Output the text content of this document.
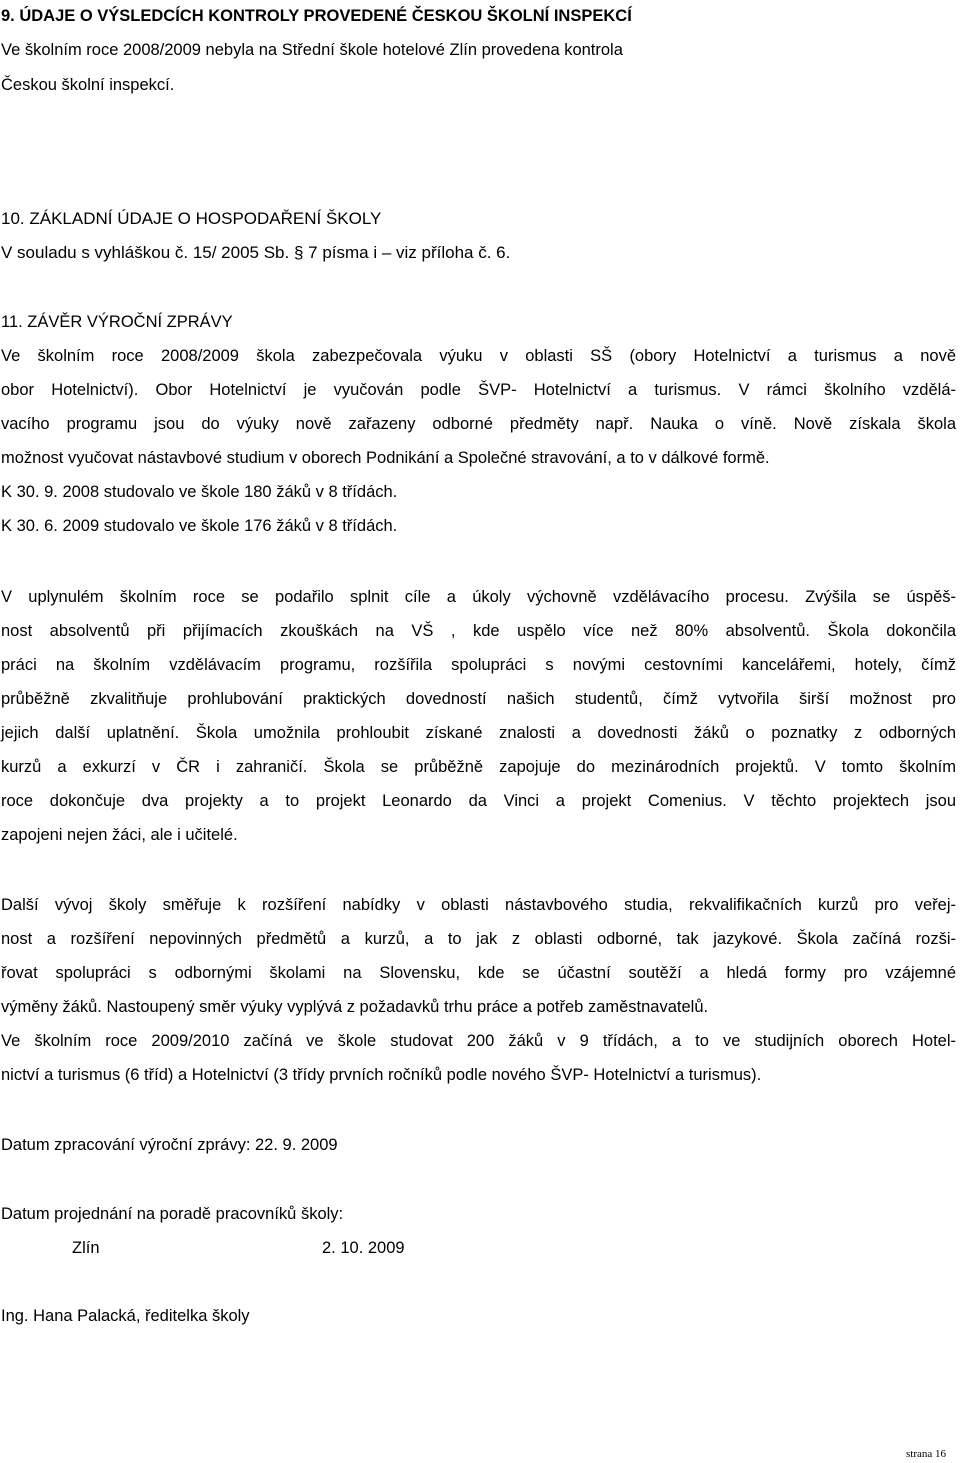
9. ÚDAJE O VÝSLEDCÍCH KONTROLY PROVEDENÉ ČESKOU ŠKOLNÍ INSPEKCÍ
Ve školním roce 2008/2009 nebyla na Střední škole hotelové Zlín provedena kontrola
Českou školní inspekcí.
10. ZÁKLADNÍ ÚDAJE O HOSPODAŘENÍ ŠKOLY
V souladu s vyhláškou č. 15/ 2005 Sb. § 7 písma i – viz příloha č. 6.
11. ZÁVĚR VÝROČNÍ ZPRÁVY
Ve školním roce 2008/2009 škola zabezpečovala výuku v oblasti SŠ (obory Hotelnictví a turismus a nově
obor Hotelnictví). Obor Hotelnictví je vyučován podle ŠVP- Hotelnictví a turismus. V rámci školního vzdělá-
vacího programu jsou do výuky nově zařazeny odborné předměty např. Nauka o víně. Nově získala škola
možnost vyučovat nástavbové studium v oborech Podnikání a Společné stravování, a to v dálkové formě.
K 30. 9. 2008 studovalo ve škole 180 žáků v 8 třídách.
K 30. 6. 2009 studovalo ve škole 176 žáků v 8 třídách.
V uplynulém školním roce se podařilo splnit cíle a úkoly výchovně vzdělávacího procesu. Zvýšila se úspěš-
nost absolventů při přijímacích zkouškách na VŠ , kde uspělo více než 80% absolventů. Škola dokončila
práci na školním vzdělávacím programu, rozšířila spolupráci s novými cestovními kancelářemi, hotely, čímž
průběžně zkvalitňuje prohlubování praktických dovedností našich studentů, čímž vytvořila širší možnost pro
jejich další uplatnění. Škola umožnila prohloubit získané znalosti a dovednosti žáků o poznatky z odborných
kurzů a exkurzí v ČR i zahraničí. Škola se průběžně zapojuje do mezinárodních projektů. V tomto školním
roce dokončuje dva projekty a to projekt Leonardo da Vinci a projekt Comenius. V těchto projektech jsou
zapojeni nejen žáci, ale i učitelé.
Další vývoj školy směřuje k rozšíření nabídky v oblasti nástavbového studia, rekvalifikačních kurzů pro veřej-
nost a rozšíření nepovinných předmětů a kurzů, a to jak z oblasti odborné, tak jazykové. Škola začíná rozši-
řovat spolupráci s odbornými školami na Slovensku, kde se účastní soutěží a hledá formy pro vzájemné
výměny žáků. Nastoupený směr výuky vyplývá z požadavků trhu práce a potřeb zaměstnavatelů.
Ve školním roce 2009/2010 začíná ve škole studovat 200 žáků v 9 třídách, a to ve studijních oborech Hotel-
nictví a turismus (6 tříd) a Hotelnictví (3 třídy prvních ročníků podle nového ŠVP- Hotelnictví a turismus).
Datum zpracování výroční zprávy: 22. 9. 2009
Datum projednání na poradě pracovníků školy:
Zlín	2. 10. 2009
Ing. Hana Palacká, ředitelka školy
strana 16
